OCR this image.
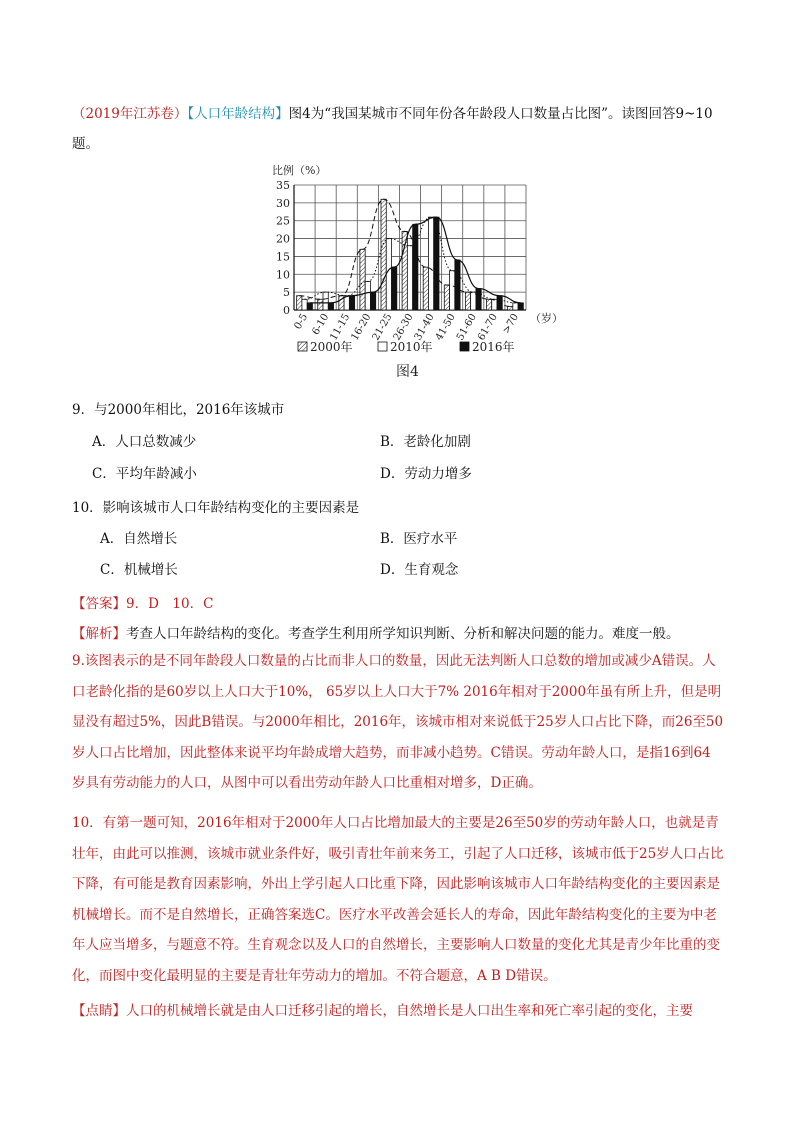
（2019年江苏卷）【人口年龄结构】图4为“我国某城市不同年份各年龄段人口数量占比图”。读图回答9~10题。
比例（%）
0
5
10
15
20
25
30
35
0-5 6-10
11-15
16-20
21-25
26-30
31-40
41-50
51-60
61-70 >70 （岁）
2000年	2010年	2016年
图4
9．与2000年相比，2016年该城市
A．人口总数减少	B．老龄化加剧
C．平均年龄减小	D．劳动力增多
10．影响该城市人口年龄结构变化的主要因素是
A．自然增长	B．医疗水平
C．机械增长	D．生育观念
【答案】9．D　10．C
【解析】考查人口年龄结构的变化。考查学生利用所学知识判断、分析和解决问题的能力。难度一般。
9.该图表示的是不同年龄段人口数量的占比而非人口的数量，因此无法判断人口总数的增加或减少A错误。人口老龄化指的是60岁以上人口大于10%， 65岁以上人口大于7% 2016年相对于2000年虽有所上升，但是明显没有超过5%，因此B错误。与2000年相比，2016年，该城市相对来说低于25岁人口占比下降，而26至50岁人口占比增加，因此整体来说平均年龄成增大趋势，而非减小趋势。C错误。劳动年龄人口，是指16到64岁具有劳动能力的人口，从图中可以看出劳动年龄人口比重相对增多，D正确。
10．有第一题可知，2016年相对于2000年人口占比增加最大的主要是26至50岁的劳动年龄人口，也就是青壮年，由此可以推测，该城市就业条件好，吸引青壮年前来务工，引起了人口迁移，该城市低于25岁人口占比下降，有可能是教育因素影响，外出上学引起人口比重下降，因此影响该城市人口年龄结构变化的主要因素是机械增长。而不是自然增长，正确答案选C。医疗水平改善会延长人的寿命，因此年龄结构变化的主要为中老年人应当增多，与题意不符。生育观念以及人口的自然增长，主要影响人口数量的变化尤其是青少年比重的变化，而图中变化最明显的主要是青壮年劳动力的增加。不符合题意，A B D错误。
【点睛】人口的机械增长就是由人口迁移引起的增长，自然增长是人口出生率和死亡率引起的变化，主要
